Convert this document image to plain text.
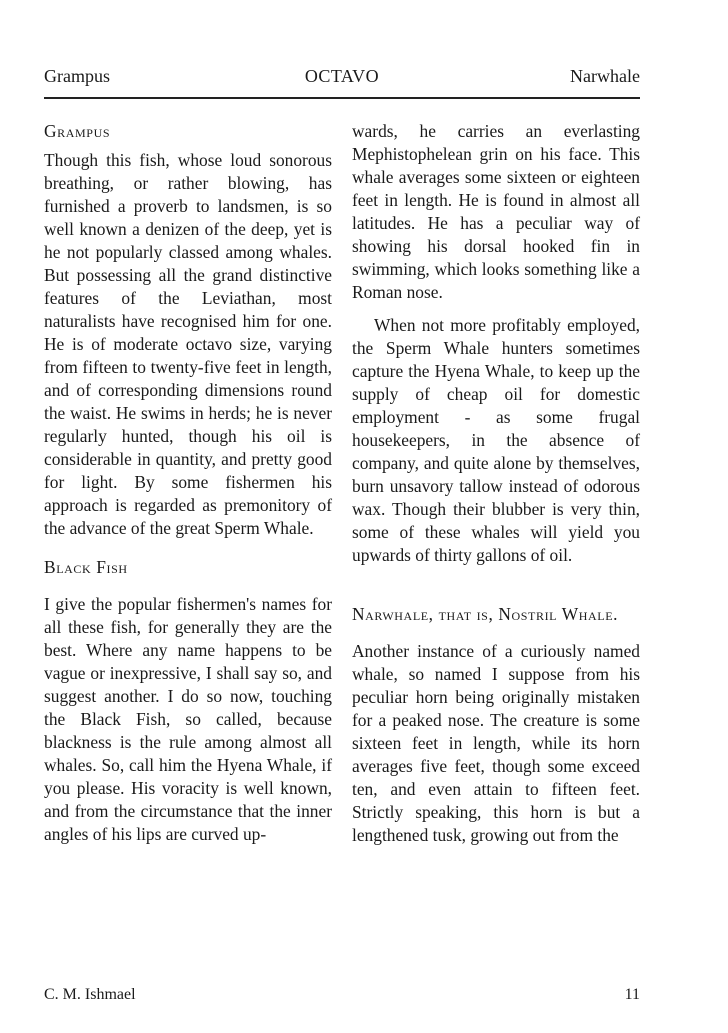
Grampus	OCTAVO	Narwhale
Grampus

Though this fish, whose loud sonorous breathing, or rather blowing, has furnished a proverb to landsmen, is so well known a denizen of the deep, yet is he not popularly classed among whales. But possessing all the grand distinctive features of the Leviathan, most naturalists have recognised him for one. He is of moderate octavo size, varying from fifteen to twenty-five feet in length, and of corresponding dimensions round the waist. He swims in herds; he is never regularly hunted, though his oil is considerable in quantity, and pretty good for light. By some fishermen his approach is regarded as premonitory of the advance of the great Sperm Whale.

Black Fish

I give the popular fishermen's names for all these fish, for generally they are the best. Where any name happens to be vague or inexpressive, I shall say so, and suggest another. I do so now, touching the Black Fish, so called, because blackness is the rule among almost all whales. So, call him the Hyena Whale, if you please. His voracity is well known, and from the circumstance that the inner angles of his lips are curved up-

wards, he carries an everlasting Mephistophelean grin on his face. This whale averages some sixteen or eighteen feet in length. He is found in almost all latitudes. He has a peculiar way of showing his dorsal hooked fin in swimming, which looks something like a Roman nose.

When not more profitably employed, the Sperm Whale hunters sometimes capture the Hyena Whale, to keep up the supply of cheap oil for domestic employment - as some frugal housekeepers, in the absence of company, and quite alone by themselves, burn unsavory tallow instead of odorous wax. Though their blubber is very thin, some of these whales will yield you upwards of thirty gallons of oil.

Narwhale, that is, Nostril Whale.

Another instance of a curiously named whale, so named I suppose from his peculiar horn being originally mistaken for a peaked nose. The creature is some sixteen feet in length, while its horn averages five feet, though some exceed ten, and even attain to fifteen feet. Strictly speaking, this horn is but a lengthened tusk, growing out from the

C. M. Ishmael	11
